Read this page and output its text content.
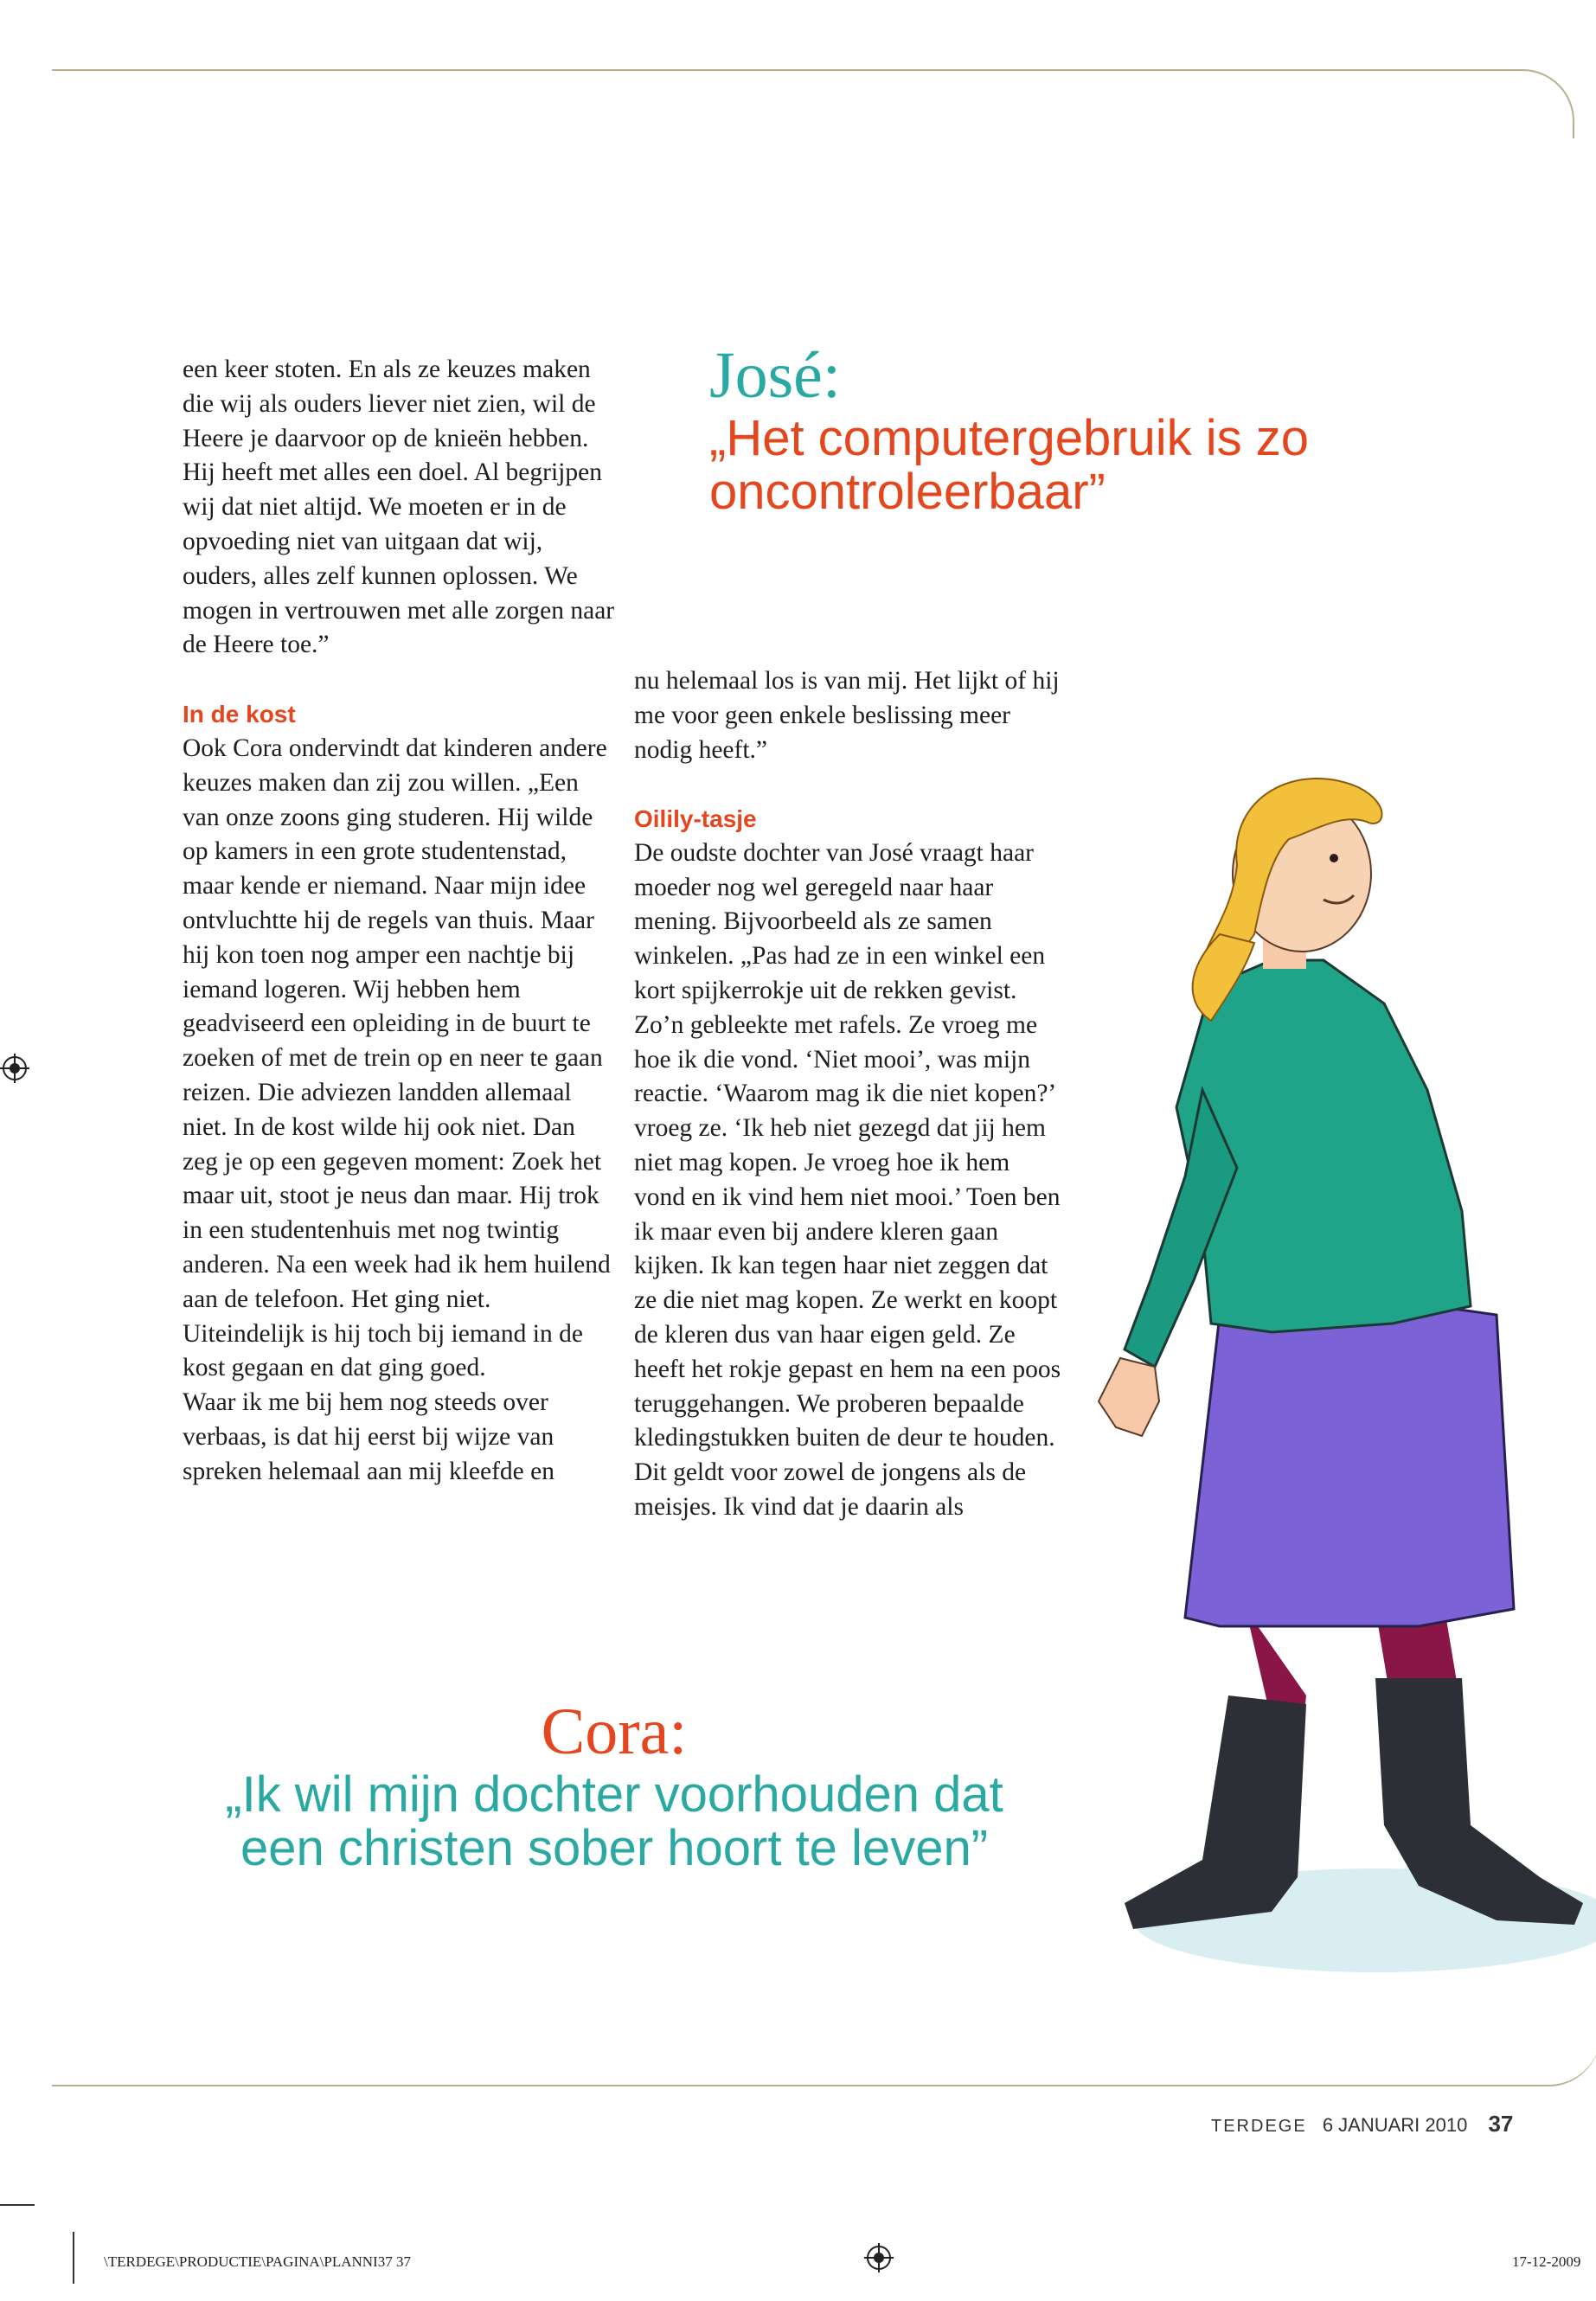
een keer stoten. En als ze keuzes maken die wij als ouders liever niet zien, wil de Heere je daarvoor op de knieën hebben. Hij heeft met alles een doel. Al begrijpen wij dat niet altijd. We moeten er in de opvoeding niet van uitgaan dat wij, ouders, alles zelf kunnen oplossen. We mogen in vertrouwen met alle zorgen naar de Heere toe.”

In de kost

Ook Cora ondervindt dat kinderen andere keuzes maken dan zij zou willen. „Een van onze zoons ging studeren. Hij wilde op kamers in een grote studentenstad, maar kende er niemand. Naar mijn idee ontvluchtte hij de regels van thuis. Maar hij kon toen nog amper een nachtje bij iemand logeren. Wij hebben hem geadviseerd een opleiding in de buurt te zoeken of met de trein op en neer te gaan reizen. Die adviezen landden allemaal niet. In de kost wilde hij ook niet. Dan zeg je op een gegeven moment: Zoek het maar uit, stoot je neus dan maar. Hij trok in een studentenhuis met nog twintig anderen. Na een week had ik hem huilend aan de telefoon. Het ging niet. Uiteindelijk is hij toch bij iemand in de kost gegaan en dat ging goed.

Waar ik me bij hem nog steeds over verbaas, is dat hij eerst bij wijze van spreken helemaal aan mij kleefde en

José:

„Het computergebruik is zo oncontroleerbaar”

nu helemaal los is van mij. Het lijkt of hij me voor geen enkele beslissing meer nodig heeft.”

Oilily-tasje

De oudste dochter van José vraagt haar moeder nog wel geregeld naar haar mening. Bijvoorbeeld als ze samen winkelen. „Pas had ze in een winkel een kort spijkerrokje uit de rekken gevist. Zo’n gebleekte met rafels. Ze vroeg me hoe ik die vond. ‘Niet mooi’, was mijn reactie. ‘Waarom mag ik die niet kopen?’ vroeg ze. ‘Ik heb niet gezegd dat jij hem niet mag kopen. Je vroeg hoe ik hem vond en ik vind hem niet mooi.’ Toen ben ik maar even bij andere kleren gaan kijken. Ik kan tegen haar niet zeggen dat ze die niet mag kopen. Ze werkt en koopt de kleren dus van haar eigen geld. Ze heeft het rokje gepast en hem na een poos teruggehangen. We proberen bepaalde kledingstukken buiten de deur te houden. Dit geldt voor zowel de jongens als de meisjes. Ik vind dat je daarin als

Cora:

„Ik wil mijn dochter voorhouden dat een christen sober hoort te leven”

TERDEGE 6 JANUARI 2010 37
\TERDEGE\PRODUCTIE\PAGINA\PLANNI37 37	17-12-2009
